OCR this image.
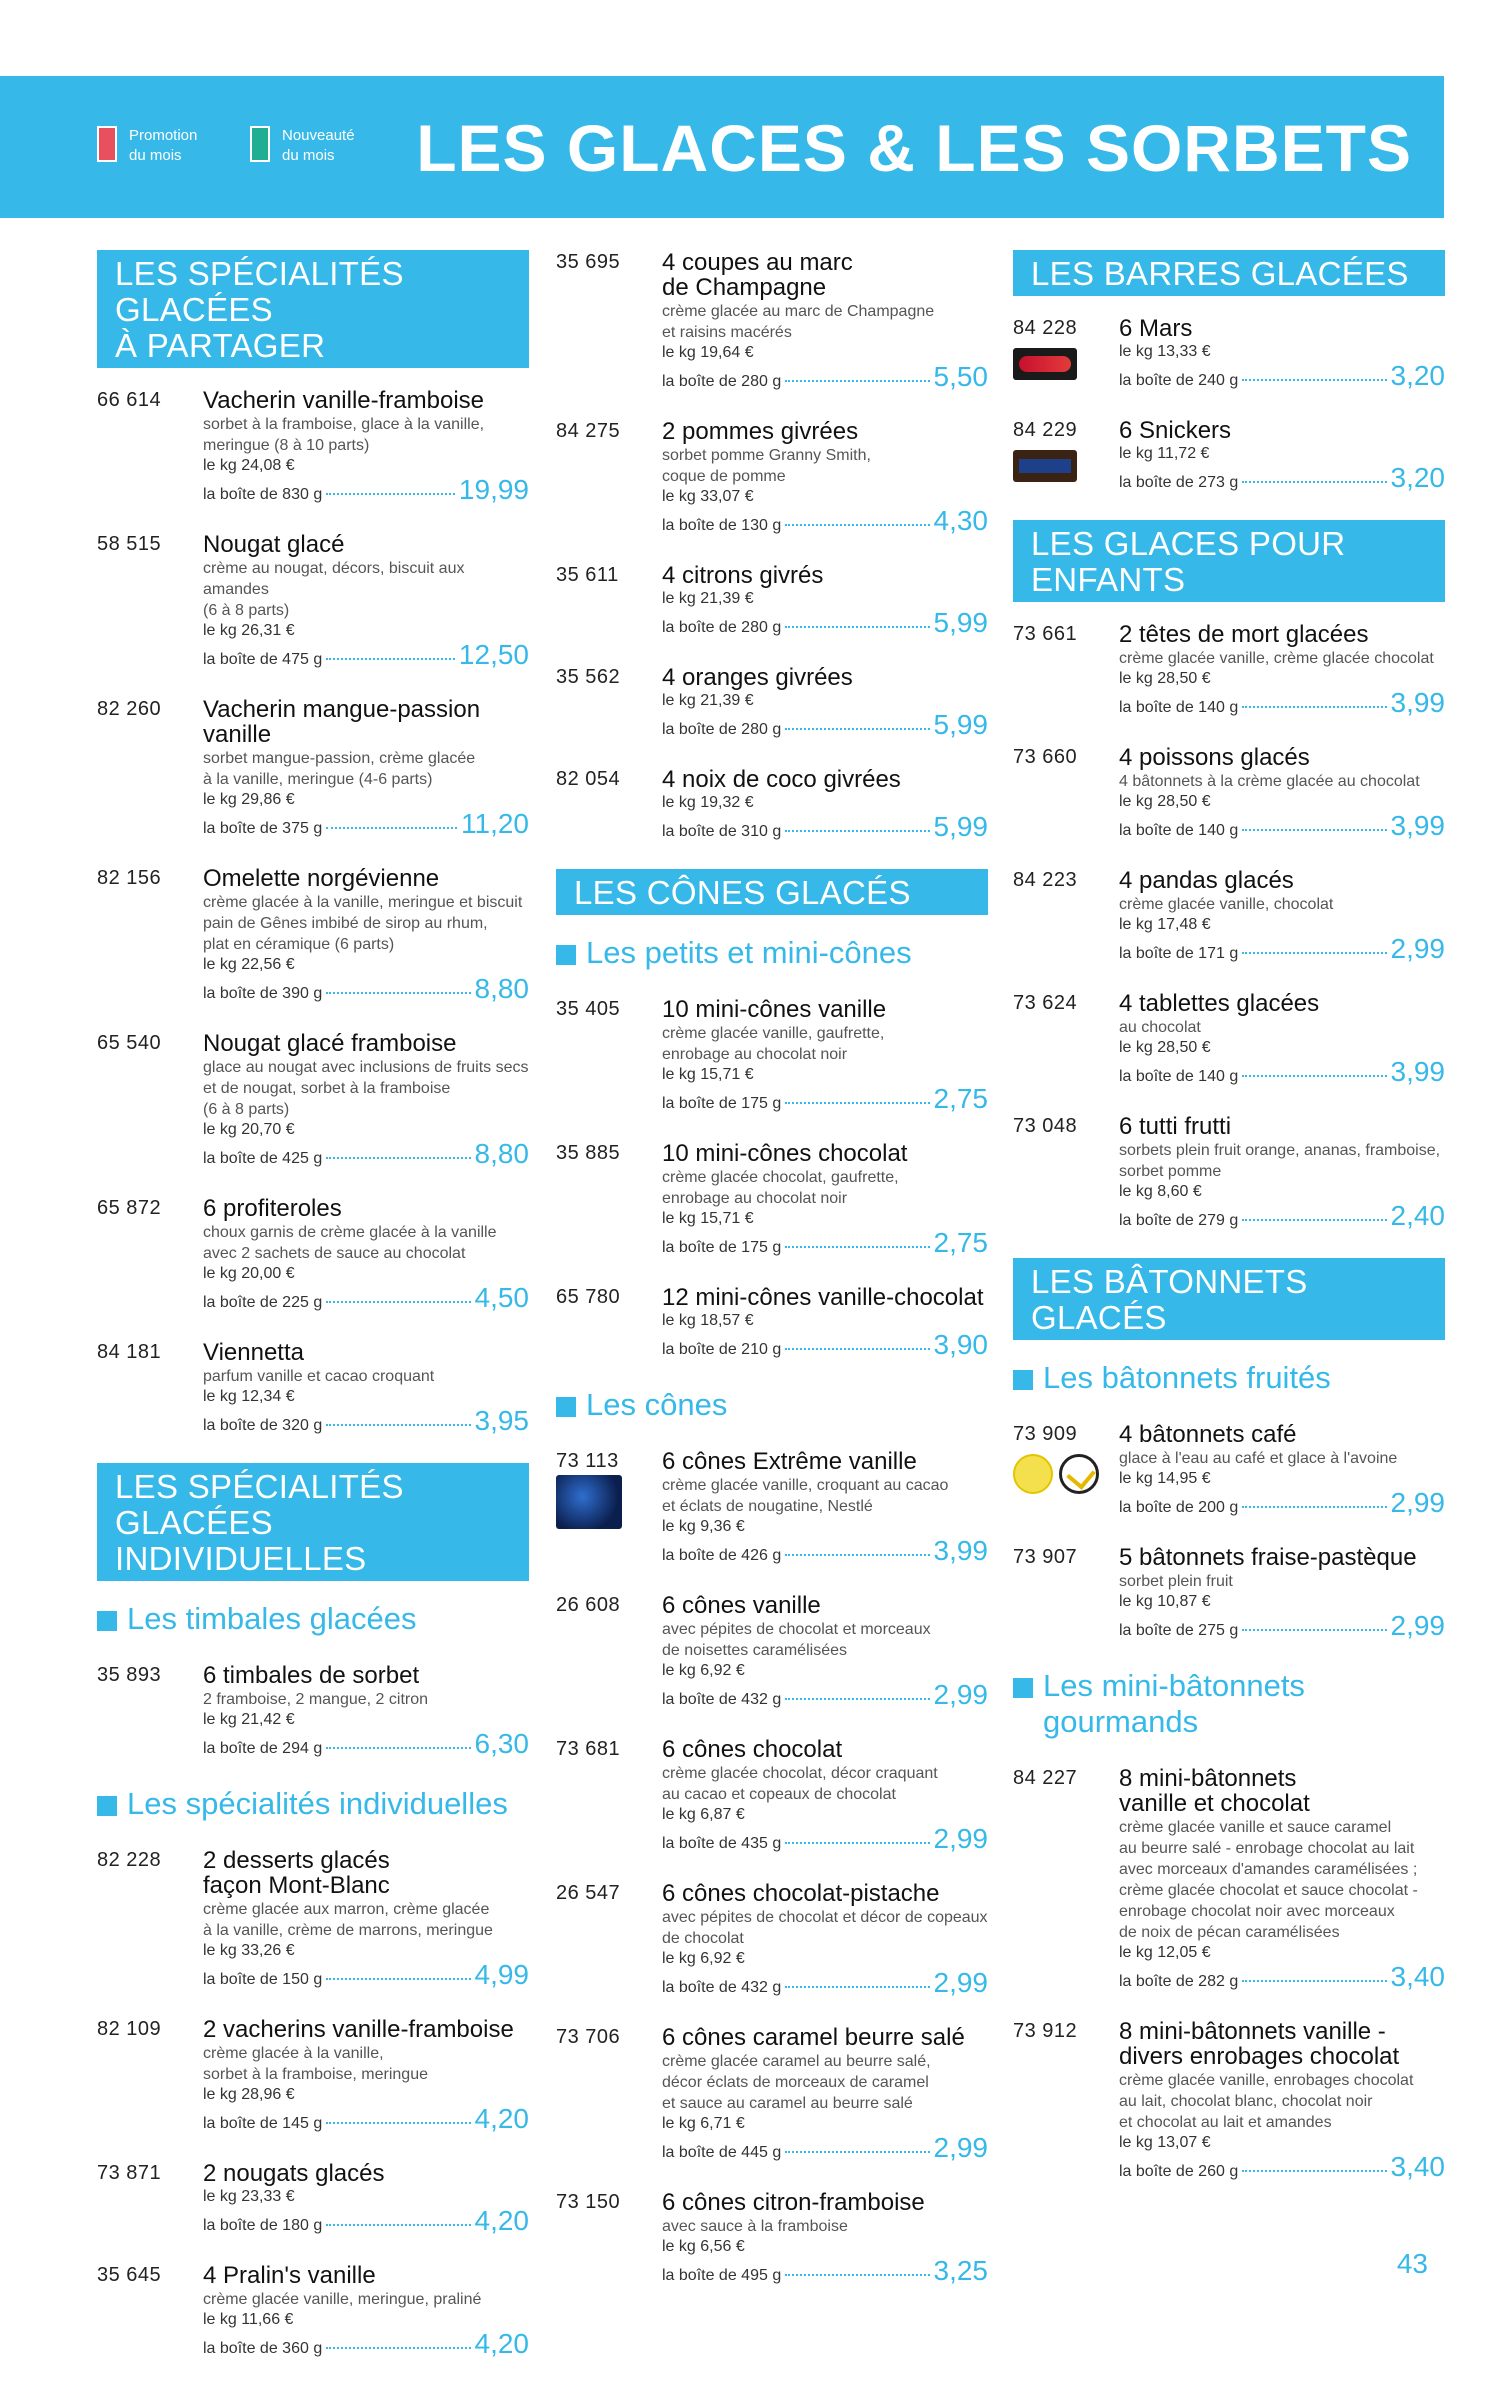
Promotion
du mois
Nouveauté
du mois	LES GLACES & LES SORBETS
LES SPÉCIALITÉS GLACÉES
À PARTAGER
66 614 Vacherin vanille-framboise
sorbet à la framboise, glace à la vanille,
meringue (8 à 10 parts)
le kg 24,08 €
la boîte de 830 g	19,99
58 515 Nougat glacé
crème au nougat, décors, biscuit aux amandes
(6 à 8 parts)
le kg 26,31 €
la boîte de 475 g	12,50
82 260 Vacherin mangue-passion
vanille
sorbet mangue-passion, crème glacée
à la vanille, meringue (4-6 parts)
le kg 29,86 €
la boîte de 375 g	11,20
82 156 Omelette norgévienne
crème glacée à la vanille, meringue et biscuit
pain de Gênes imbibé de sirop au rhum,
plat en céramique (6 parts)
le kg 22,56 €
la boîte de 390 g	8,80
65 540 Nougat glacé framboise
glace au nougat avec inclusions de fruits secs
et de nougat, sorbet à la framboise
(6 à 8 parts)
le kg 20,70 €
la boîte de 425 g	8,80
65 872 6 profiteroles
choux garnis de crème glacée à la vanille
avec 2 sachets de sauce au chocolat
le kg 20,00 €
la boîte de 225 g	4,50
84 181 Viennetta
parfum vanille et cacao croquant
le kg 12,34 €
la boîte de 320 g	3,95
LES SPÉCIALITÉS GLACÉES
INDIVIDUELLES
Les timbales glacées
35 893 6 timbales de sorbet
2 framboise, 2 mangue, 2 citron
le kg 21,42 €
la boîte de 294 g	6,30
Les spécialités individuelles
82 228 2 desserts glacés
façon Mont-Blanc
crème glacée aux marron, crème glacée
à la vanille, crème de marrons, meringue
le kg 33,26 €
la boîte de 150 g	4,99
82 109 2 vacherins vanille-framboise
crème glacée à la vanille,
sorbet à la framboise, meringue
le kg 28,96 €
la boîte de 145 g	4,20
73 871 2 nougats glacés
le kg 23,33 €
la boîte de 180 g	4,20
35 645 4 Pralin's vanille
crème glacée vanille, meringue, praliné
le kg 11,66 €
la boîte de 360 g	4,20
35 695 4 coupes au marc
de Champagne
crème glacée au marc de Champagne
et raisins macérés
le kg 19,64 €
la boîte de 280 g	5,50
84 275 2 pommes givrées
sorbet pomme Granny Smith,
coque de pomme
le kg 33,07 €
la boîte de 130 g	4,30
35 611 4 citrons givrés
le kg 21,39 €
la boîte de 280 g	5,99
35 562 4 oranges givrées
le kg 21,39 €
la boîte de 280 g	5,99
82 054 4 noix de coco givrées
le kg 19,32 €
la boîte de 310 g	5,99
LES CÔNES GLACÉS
Les petits et mini-cônes
35 405 10 mini-cônes vanille
crème glacée vanille, gaufrette,
enrobage au chocolat noir
le kg 15,71 €
la boîte de 175 g	2,75
35 885 10 mini-cônes chocolat
crème glacée chocolat, gaufrette,
enrobage au chocolat noir
le kg 15,71 €
la boîte de 175 g	2,75
65 780 12 mini-cônes vanille-chocolat
le kg 18,57 €
la boîte de 210 g	3,90
Les cônes
73 113 6 cônes Extrême vanille
crème glacée vanille, croquant au cacao
et éclats de nougatine, Nestlé
le kg 9,36 €
la boîte de 426 g	3,99
26 608 6 cônes vanille
avec pépites de chocolat et morceaux
de noisettes caramélisées
le kg 6,92 €
la boîte de 432 g	2,99
73 681 6 cônes chocolat
crème glacée chocolat, décor craquant
au cacao et copeaux de chocolat
le kg 6,87 €
la boîte de 435 g	2,99
26 547 6 cônes chocolat-pistache
avec pépites de chocolat et décor de copeaux
de chocolat
le kg 6,92 €
la boîte de 432 g	2,99
73 706 6 cônes caramel beurre salé
crème glacée caramel au beurre salé,
décor éclats de morceaux de caramel
et sauce au caramel au beurre salé
le kg 6,71 €
la boîte de 445 g	2,99
73 150 6 cônes citron-framboise
avec sauce à la framboise
le kg 6,56 €
la boîte de 495 g	3,25
LES BARRES GLACÉES
84 228 6 Mars
le kg 13,33 €
la boîte de 240 g	3,20
84 229 6 Snickers
le kg 11,72 €
la boîte de 273 g	3,20
LES GLACES POUR ENFANTS
73 661 2 têtes de mort glacées
crème glacée vanille, crème glacée chocolat
le kg 28,50 €
la boîte de 140 g	3,99
73 660 4 poissons glacés
4 bâtonnets à la crème glacée au chocolat
le kg 28,50 €
la boîte de 140 g	3,99
84 223 4 pandas glacés
crème glacée vanille, chocolat
le kg 17,48 €
la boîte de 171 g	2,99
73 624 4 tablettes glacées
au chocolat
le kg 28,50 €
la boîte de 140 g	3,99
73 048 6 tutti frutti
sorbets plein fruit orange, ananas, framboise,
sorbet pomme
le kg 8,60 €
la boîte de 279 g	2,40
LES BÂTONNETS GLACÉS
Les bâtonnets fruités
73 909 4 bâtonnets café
glace à l'eau au café et glace à l'avoine
le kg 14,95 €
la boîte de 200 g	2,99
73 907 5 bâtonnets fraise-pastèque
sorbet plein fruit
le kg 10,87 €
la boîte de 275 g	2,99
Les mini-bâtonnets
gourmands
84 227 8 mini-bâtonnets
vanille et chocolat
crème glacée vanille et sauce caramel
au beurre salé - enrobage chocolat au lait
avec morceaux d'amandes caramélisées ;
crème glacée chocolat et sauce chocolat -
enrobage chocolat noir avec morceaux
de noix de pécan caramélisées
le kg 12,05 €
la boîte de 282 g	3,40
73 912 8 mini-bâtonnets vanille -
divers enrobages chocolat
crème glacée vanille, enrobages chocolat
au lait, chocolat blanc, chocolat noir
et chocolat au lait et amandes
le kg 13,07 €
la boîte de 260 g	3,40
43
